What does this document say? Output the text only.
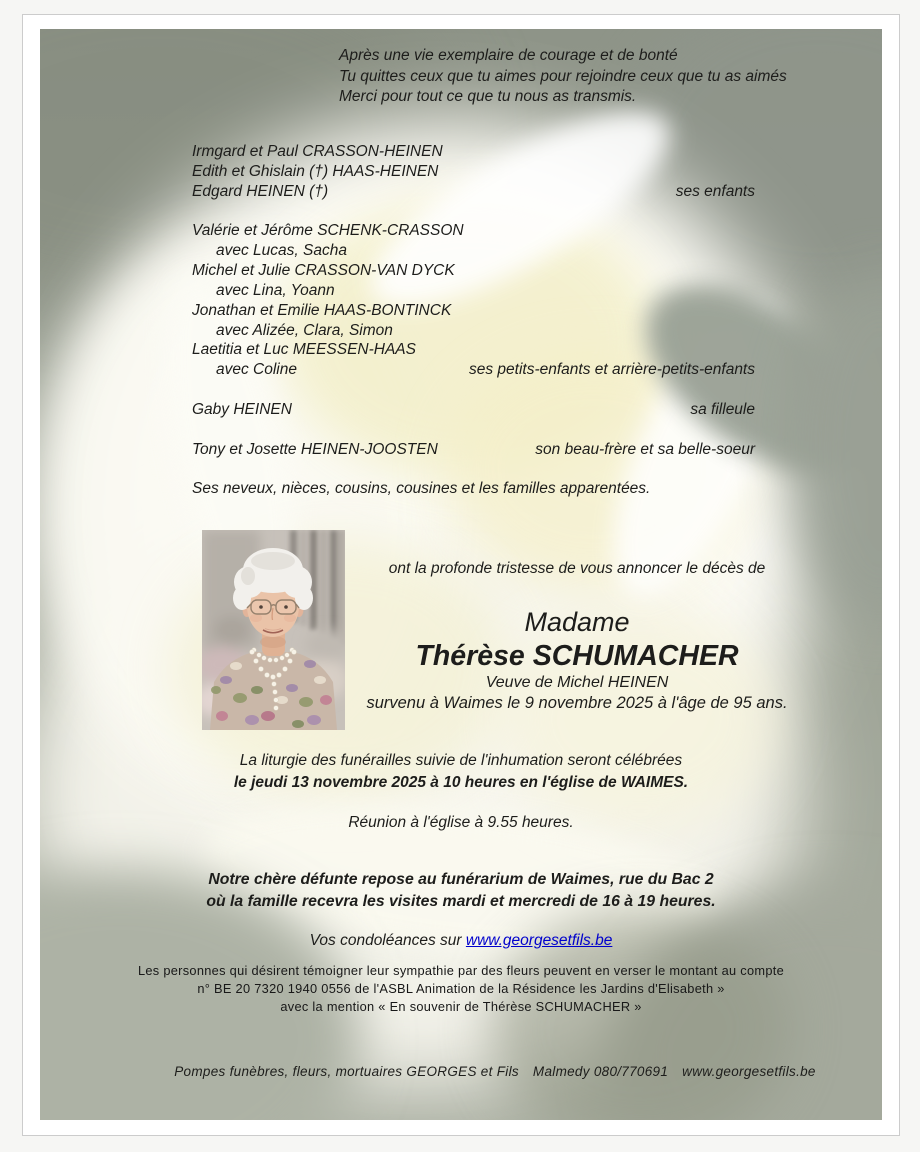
Après une vie exemplaire de courage et de bonté
Tu quittes ceux que tu aimes pour rejoindre ceux que tu as aimés
Merci pour tout ce que tu nous as transmis.
Irmgard et Paul CRASSON-HEINEN
Edith et Ghislain (†) HAAS-HEINEN
Edgard HEINEN (†)	ses enfants

Valérie et Jérôme SCHENK-CRASSON
avec Lucas, Sacha
Michel et Julie CRASSON-VAN DYCK
avec Lina, Yoann
Jonathan et Emilie HAAS-BONTINCK
avec Alizée, Clara, Simon
Laetitia et Luc MEESSEN-HAAS
avec Coline	ses petits-enfants et arrière-petits-enfants

Gaby HEINEN	sa filleule

Tony et Josette HEINEN-JOOSTEN	son beau-frère et sa belle-soeur

Ses neveux, nièces, cousins, cousines et les familles apparentées.
ont la profonde tristesse de vous annoncer le décès de
Madame
Thérèse SCHUMACHER
Veuve de Michel HEINEN
survenu à Waimes le 9 novembre 2025 à l'âge de 95 ans.
La liturgie des funérailles suivie de l'inhumation seront célébrées
le jeudi 13 novembre 2025 à 10 heures en l'église de WAIMES.
Réunion à l'église à 9.55 heures.
Notre chère défunte repose au funérarium de Waimes, rue du Bac 2
où la famille recevra les visites mardi et mercredi de 16 à 19 heures.
Vos condoléances sur www.georgesetfils.be
Les personnes qui désirent témoigner leur sympathie par des fleurs peuvent en verser le montant au compte
n° BE 20 7320 1940 0556 de l'ASBL Animation de la Résidence les Jardins d'Elisabeth »
avec la mention « En souvenir de Thérèse SCHUMACHER »
Pompes funèbres, fleurs, mortuaires GEORGES et Fils Malmedy 080/770691 www.georgesetfils.be
